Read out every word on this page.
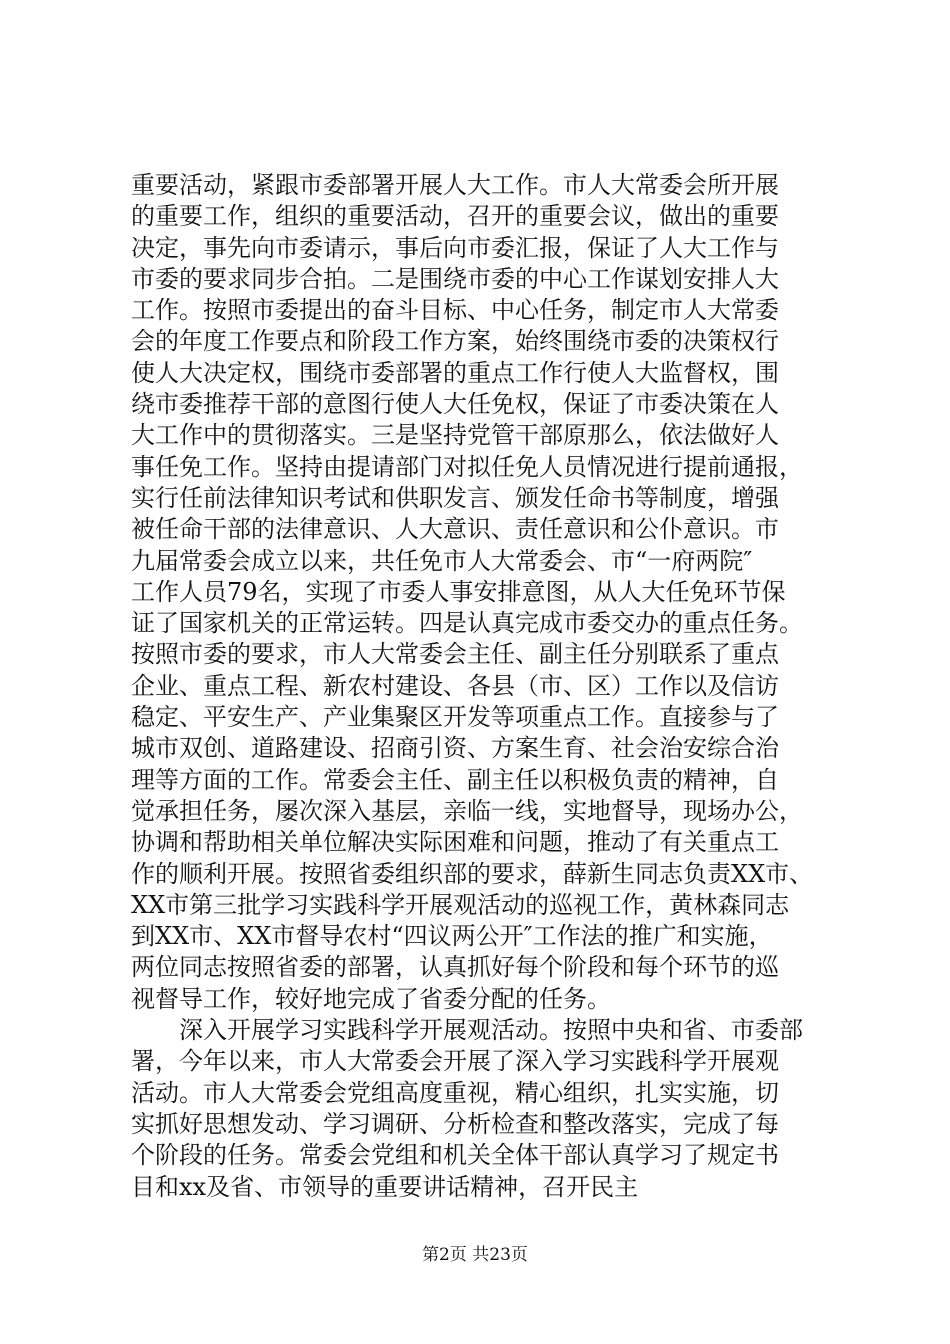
重要活动，紧跟市委部署开展人大工作。市人大常委会所开展
的重要工作，组织的重要活动，召开的重要会议，做出的重要
决定，事先向市委请示，事后向市委汇报，保证了人大工作与
市委的要求同步合拍。二是围绕市委的中心工作谋划安排人大
工作。按照市委提出的奋斗目标、中心任务，制定市人大常委
会的年度工作要点和阶段工作方案，始终围绕市委的决策权行
使人大决定权，围绕市委部署的重点工作行使人大监督权，围
绕市委推荐干部的意图行使人大任免权，保证了市委决策在人
大工作中的贯彻落实。三是坚持党管干部原那么，依法做好人
事任免工作。坚持由提请部门对拟任免人员情况进行提前通报，
实行任前法律知识考试和供职发言、颁发任命书等制度，增强
被任命干部的法律意识、人大意识、责任意识和公仆意识。市
九届常委会成立以来，共任免市人大常委会、市“一府两院″
工作人员79名，实现了市委人事安排意图，从人大任免环节保
证了国家机关的正常运转。四是认真完成市委交办的重点任务。
按照市委的要求，市人大常委会主任、副主任分别联系了重点
企业、重点工程、新农村建设、各县（市、区）工作以及信访
稳定、平安生产、产业集聚区开发等项重点工作。直接参与了
城市双创、道路建设、招商引资、方案生育、社会治安综合治
理等方面的工作。常委会主任、副主任以积极负责的精神，自
觉承担任务，屡次深入基层，亲临一线，实地督导，现场办公，
协调和帮助相关单位解决实际困难和问题，推动了有关重点工
作的顺利开展。按照省委组织部的要求，薛新生同志负责XX市、
XX市第三批学习实践科学开展观活动的巡视工作，黄林森同志
到XX市、XX市督导农村“四议两公开″工作法的推广和实施，
两位同志按照省委的部署，认真抓好每个阶段和每个环节的巡
视督导工作，较好地完成了省委分配的任务。
深入开展学习实践科学开展观活动。按照中央和省、市委部
署，今年以来，市人大常委会开展了深入学习实践科学开展观
活动。市人大常委会党组高度重视，精心组织，扎实实施，切
实抓好思想发动、学习调研、分析检查和整改落实，完成了每
个阶段的任务。常委会党组和机关全体干部认真学习了规定书
目和xx及省、市领导的重要讲话精神，召开民主
第2页 共23页
